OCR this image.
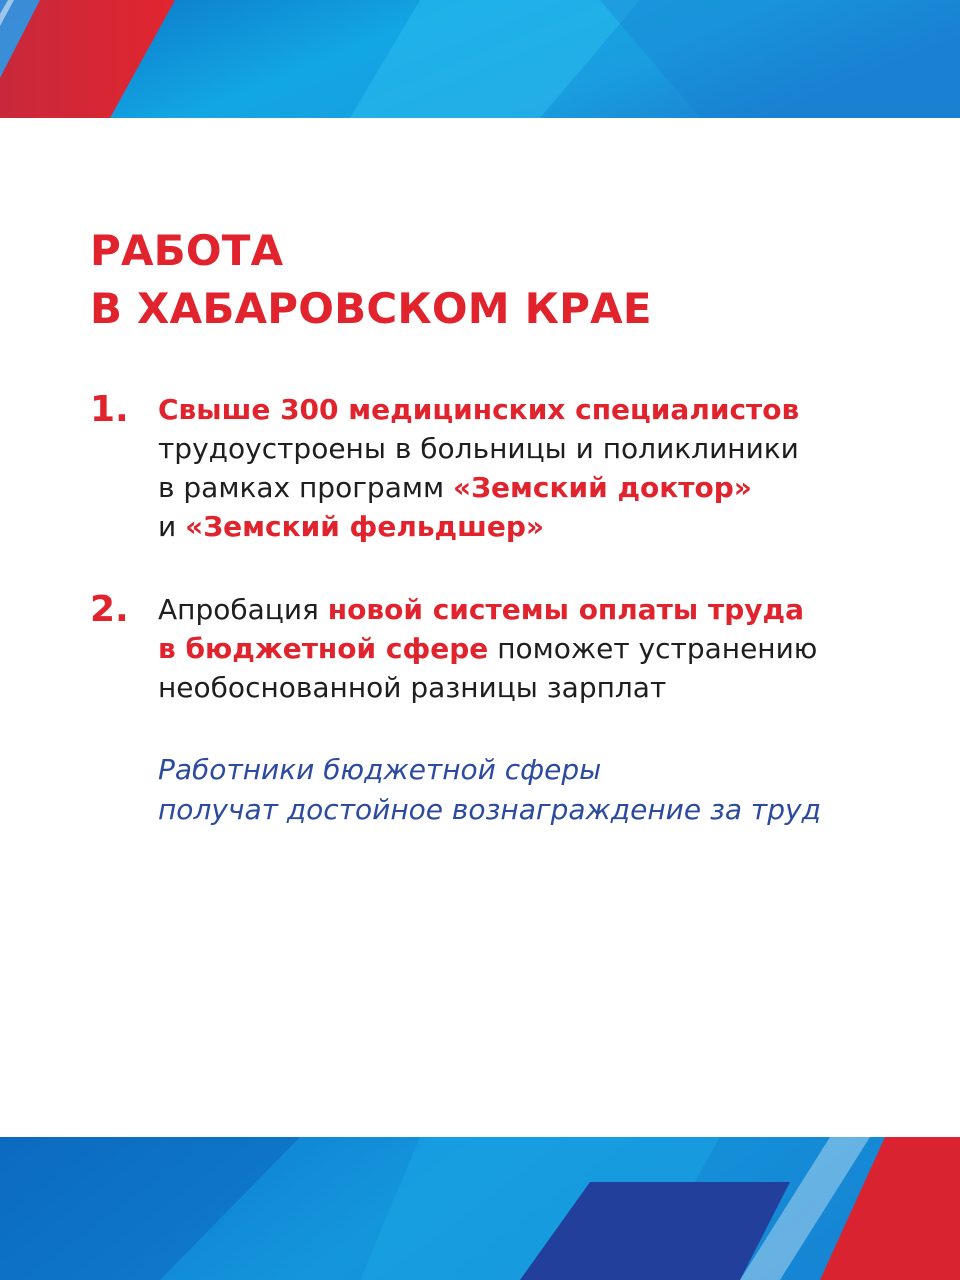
РАБОТА
В ХАБАРОВСКОМ КРАЕ
1. Свыше 300 медицинских специалистов
трудоустроены в больницы и поликлиники
в рамках программ «Земский доктор»
и «Земский фельдшер»
2. Апробация новой системы оплаты труда
в бюджетной сфере поможет устранению
необоснованной разницы зарплат
Работники бюджетной сферы
получат достойное вознаграждение за труд
